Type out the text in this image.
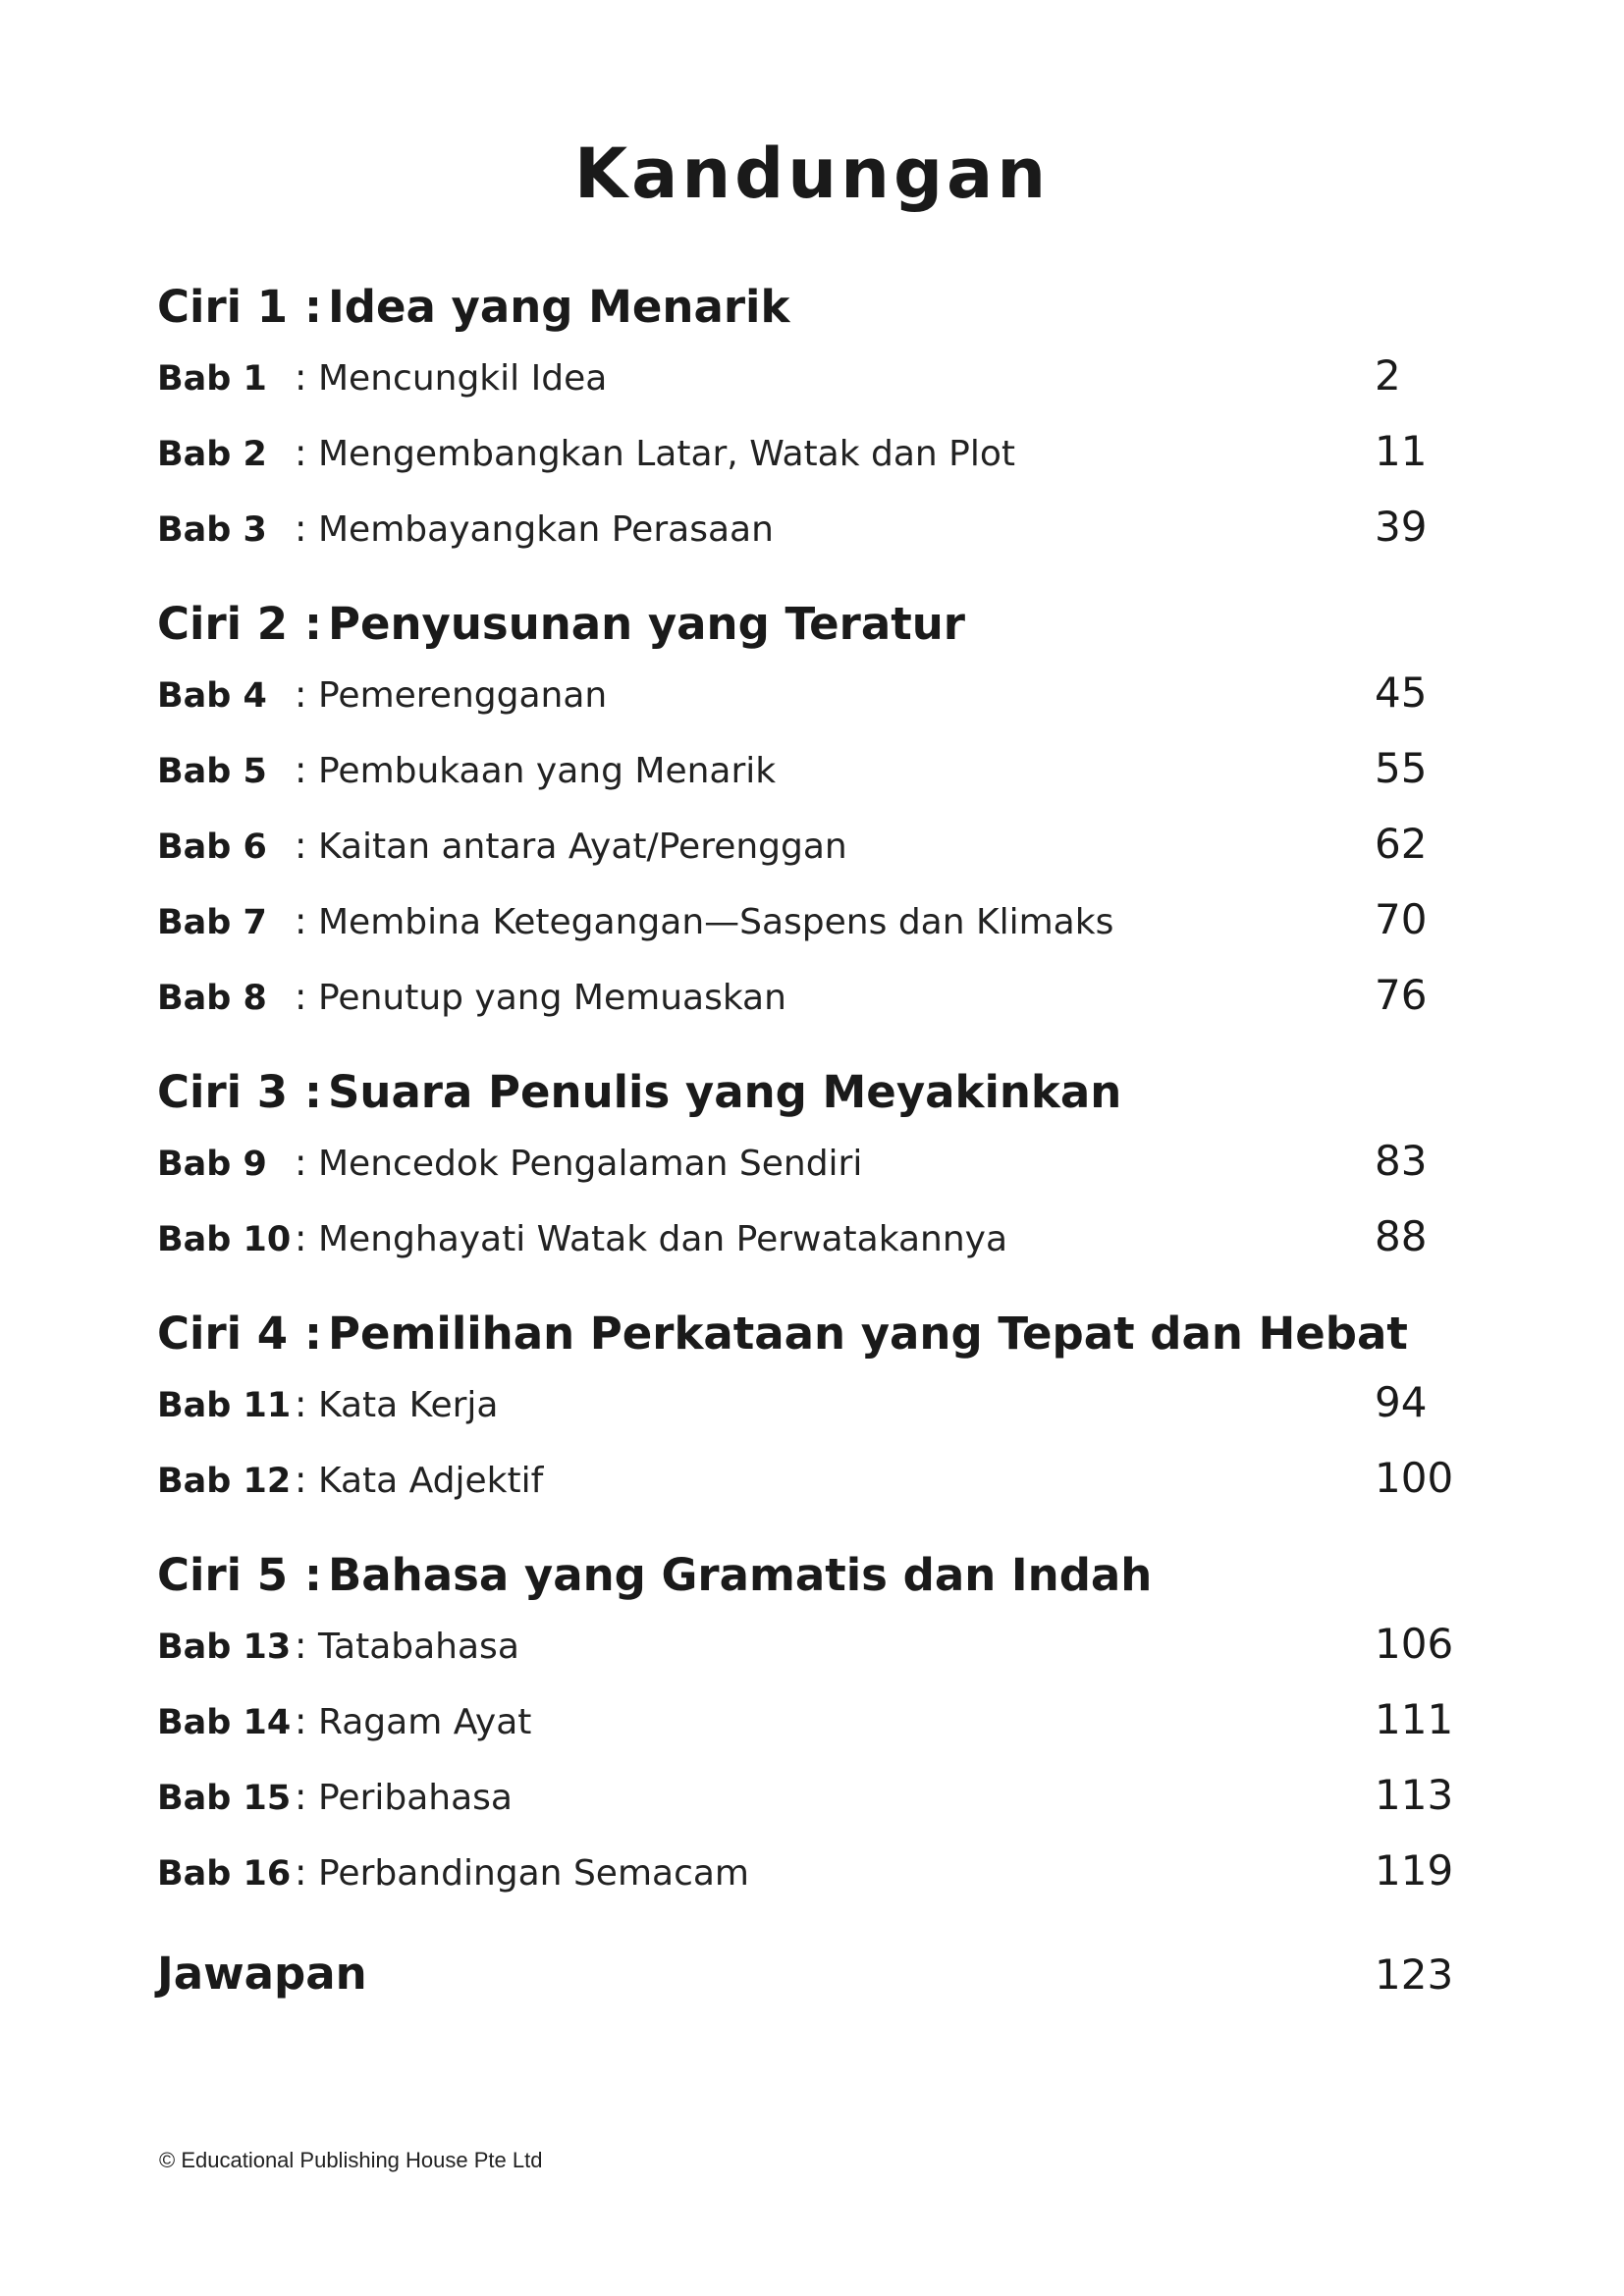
Kandungan
Ciri 1 : Idea yang Menarik
Bab 1 : Mencungkil Idea	2
Bab 2 : Mengembangkan Latar, Watak dan Plot	11
Bab 3 : Membayangkan Perasaan	39
Ciri 2 : Penyusunan yang Teratur
Bab 4 : Pemerengganan	45
Bab 5 : Pembukaan yang Menarik	55
Bab 6 : Kaitan antara Ayat/Perenggan	62
Bab 7 : Membina Ketegangan—Saspens dan Klimaks	70
Bab 8 : Penutup yang Memuaskan	76
Ciri 3 : Suara Penulis yang Meyakinkan
Bab 9 : Mencedok Pengalaman Sendiri	83
Bab 10 : Menghayati Watak dan Perwatakannya	88
Ciri 4 : Pemilihan Perkataan yang Tepat dan Hebat
Bab 11 : Kata Kerja	94
Bab 12 : Kata Adjektif	100
Ciri 5 : Bahasa yang Gramatis dan Indah
Bab 13 : Tatabahasa	106
Bab 14 : Ragam Ayat	111
Bab 15 : Peribahasa	113
Bab 16 : Perbandingan Semacam	119
Jawapan	123
© Educational Publishing House Pte Ltd
